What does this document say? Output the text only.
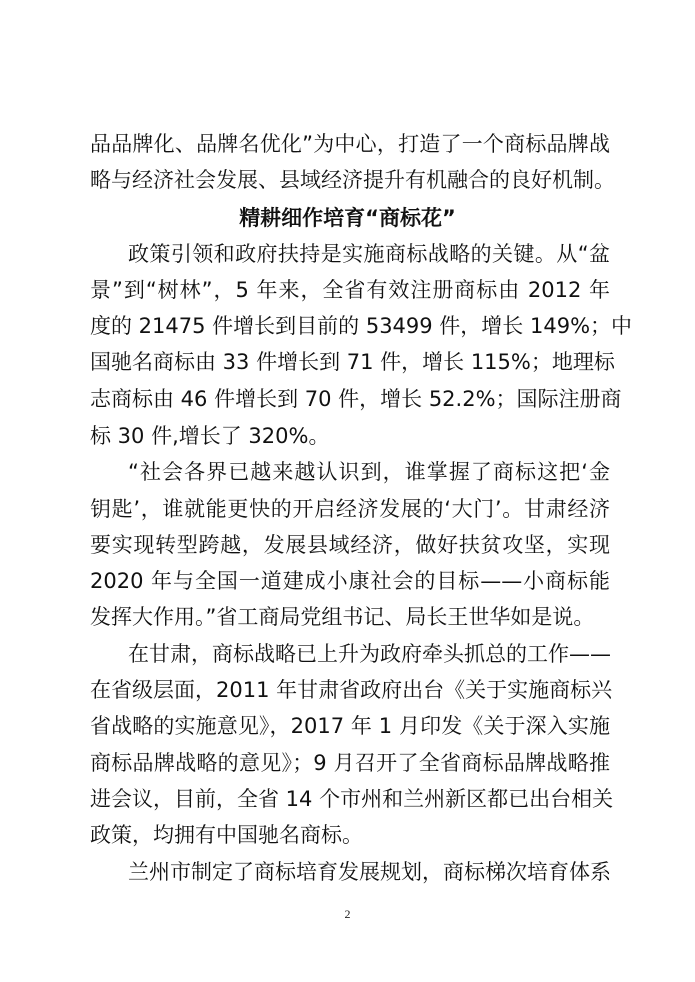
品品牌化、品牌名优化”为中心，打造了一个商标品牌战
略与经济社会发展、县域经济提升有机融合的良好机制。
精耕细作培育“商标花”
政策引领和政府扶持是实施商标战略的关键。从“盆
景”到“树林”，5 年来，全省有效注册商标由 2012 年
度的 21475 件增长到目前的 53499 件，增长 149%；中
国驰名商标由 33 件增长到 71 件，增长 115%；地理标
志商标由 46 件增长到 70 件，增长 52.2%；国际注册商
标 30 件,增长了 320%。
“社会各界已越来越认识到，谁掌握了商标这把‘金
钥匙’，谁就能更快的开启经济发展的‘大门’。甘肃经济
要实现转型跨越，发展县域经济，做好扶贫攻坚，实现
2020 年与全国一道建成小康社会的目标——小商标能
发挥大作用。”省工商局党组书记、局长王世华如是说。
在甘肃，商标战略已上升为政府牵头抓总的工作——
在省级层面，2011 年甘肃省政府出台《关于实施商标兴
省战略的实施意见》，2017 年 1 月印发《关于深入实施
商标品牌战略的意见》；9 月召开了全省商标品牌战略推
进会议，目前，全省 14 个市州和兰州新区都已出台相关
政策，均拥有中国驰名商标。
兰州市制定了商标培育发展规划，商标梯次培育体系
2
